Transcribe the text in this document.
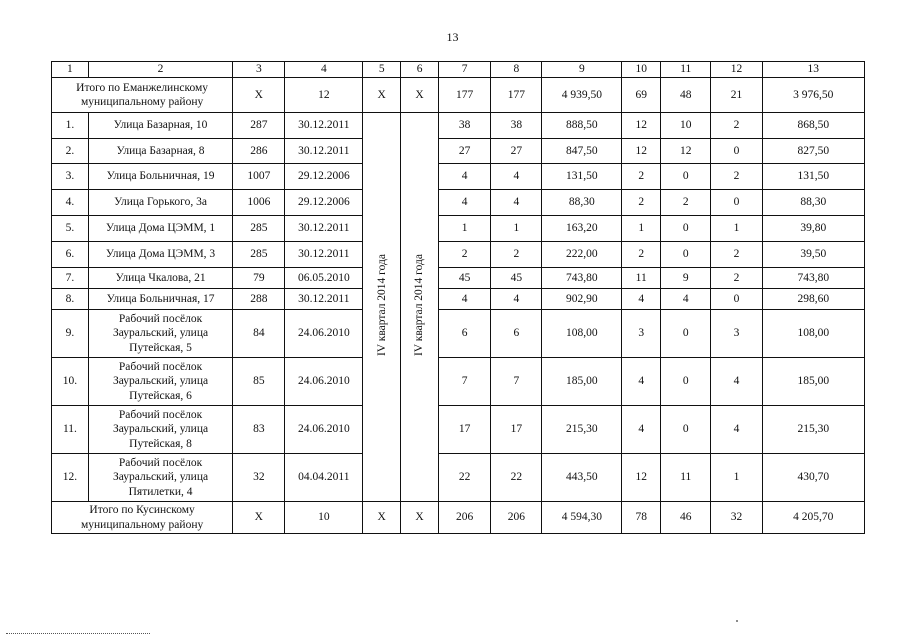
13
1	2	3	4	5	6	7	8	9	10	11	12	13
Итого по Еманжелинскому муниципальному району		X	12	X	X	177	177	4 939,50	69	48	21	3 976,50
1.	Улица Базарная, 10	287	30.12.2011	IV квартал 2014 года	IV квартал 2014 года	38	38	888,50	12	10	2	868,50
2.	Улица Базарная, 8	286	30.12.2011			27	27	847,50	12	12	0	827,50
3.	Улица Больничная, 19	1007	29.12.2006			4	4	131,50	2	0	2	131,50
4.	Улица Горького, 3а	1006	29.12.2006			4	4	88,30	2	2	0	88,30
5.	Улица Дома ЦЭММ, 1	285	30.12.2011			1	1	163,20	1	0	1	39,80
6.	Улица Дома ЦЭММ, 3	285	30.12.2011			2	2	222,00	2	0	2	39,50
7.	Улица Чкалова, 21	79	06.05.2010			45	45	743,80	11	9	2	743,80
8.	Улица Больничная, 17	288	30.12.2011			4	4	902,90	4	4	0	298,60
9.	Рабочий посёлок Зауральский, улица Путейская, 5	84	24.06.2010			6	6	108,00	3	0	3	108,00
10.	Рабочий посёлок Зауральский, улица Путейская, 6	85	24.06.2010			7	7	185,00	4	0	4	185,00
11.	Рабочий посёлок Зауральский, улица Путейская, 8	83	24.06.2010			17	17	215,30	4	0	4	215,30
12.	Рабочий посёлок Зауральский, улица Пятилетки, 4	32	04.04.2011			22	22	443,50	12	11	1	430,70
Итого по Кусинскому муниципальному району		X	10	X	X	206	206	4 594,30	78	46	32	4 205,70
